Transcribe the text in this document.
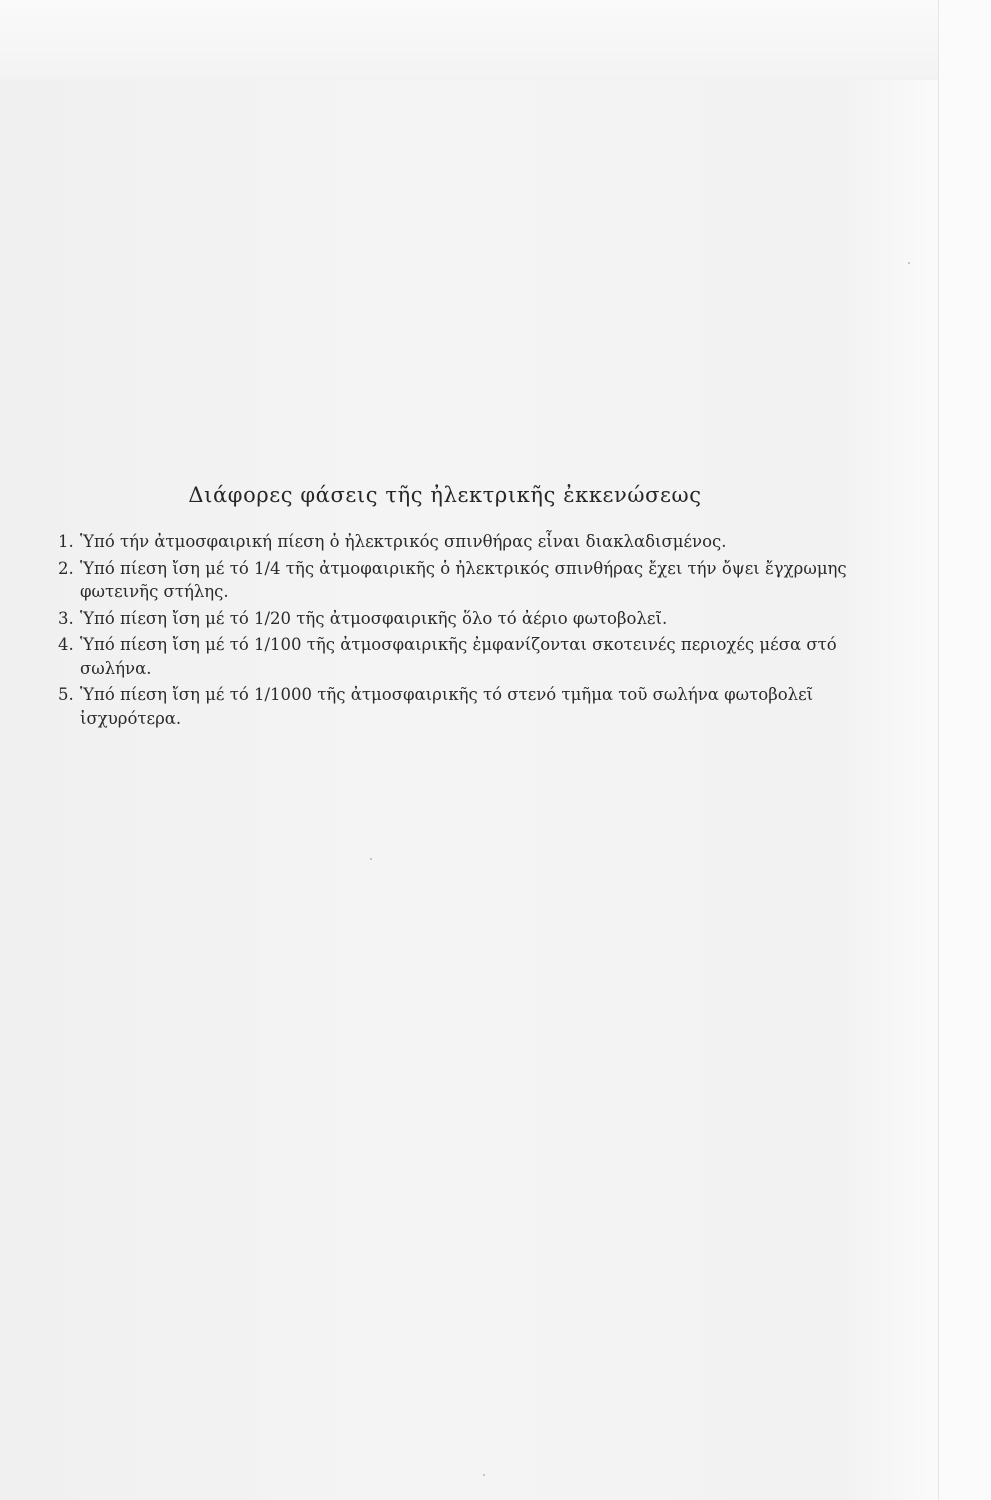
Διάφορες φάσεις τῆς ἠλεκτρικῆς ἐκκενώσεως
1. Ὑπό τήν ἀτμοσφαιρική πίεση ὁ ἠλεκτρικός σπινθήρας εἶναι διακλαδισμένος.
2. Ὑπό πίεση ἴση μέ τό 1/4 τῆς ἀτμοφαιρικῆς ὁ ἠλεκτρικός σπινθήρας ἔχει τήν ὄψει ἔγχρωμης φωτεινῆς στήλης.
3. Ὑπό πίεση ἴση μέ τό 1/20 τῆς ἀτμοσφαιρικῆς ὅλο τό ἀέριο φωτοβολεῖ.
4. Ὑπό πίεση ἴση μέ τό 1/100 τῆς ἀτμοσφαιρικῆς ἐμφανίζονται σκοτεινές περιοχές μέσα στό σωλήνα.
5. Ὑπό πίεση ἴση μέ τό 1/1000 τῆς ἀτμοσφαιρικῆς τό στενό τμῆμα τοῦ σωλήνα φωτοβολεῖ ἰσχυρότερα.
